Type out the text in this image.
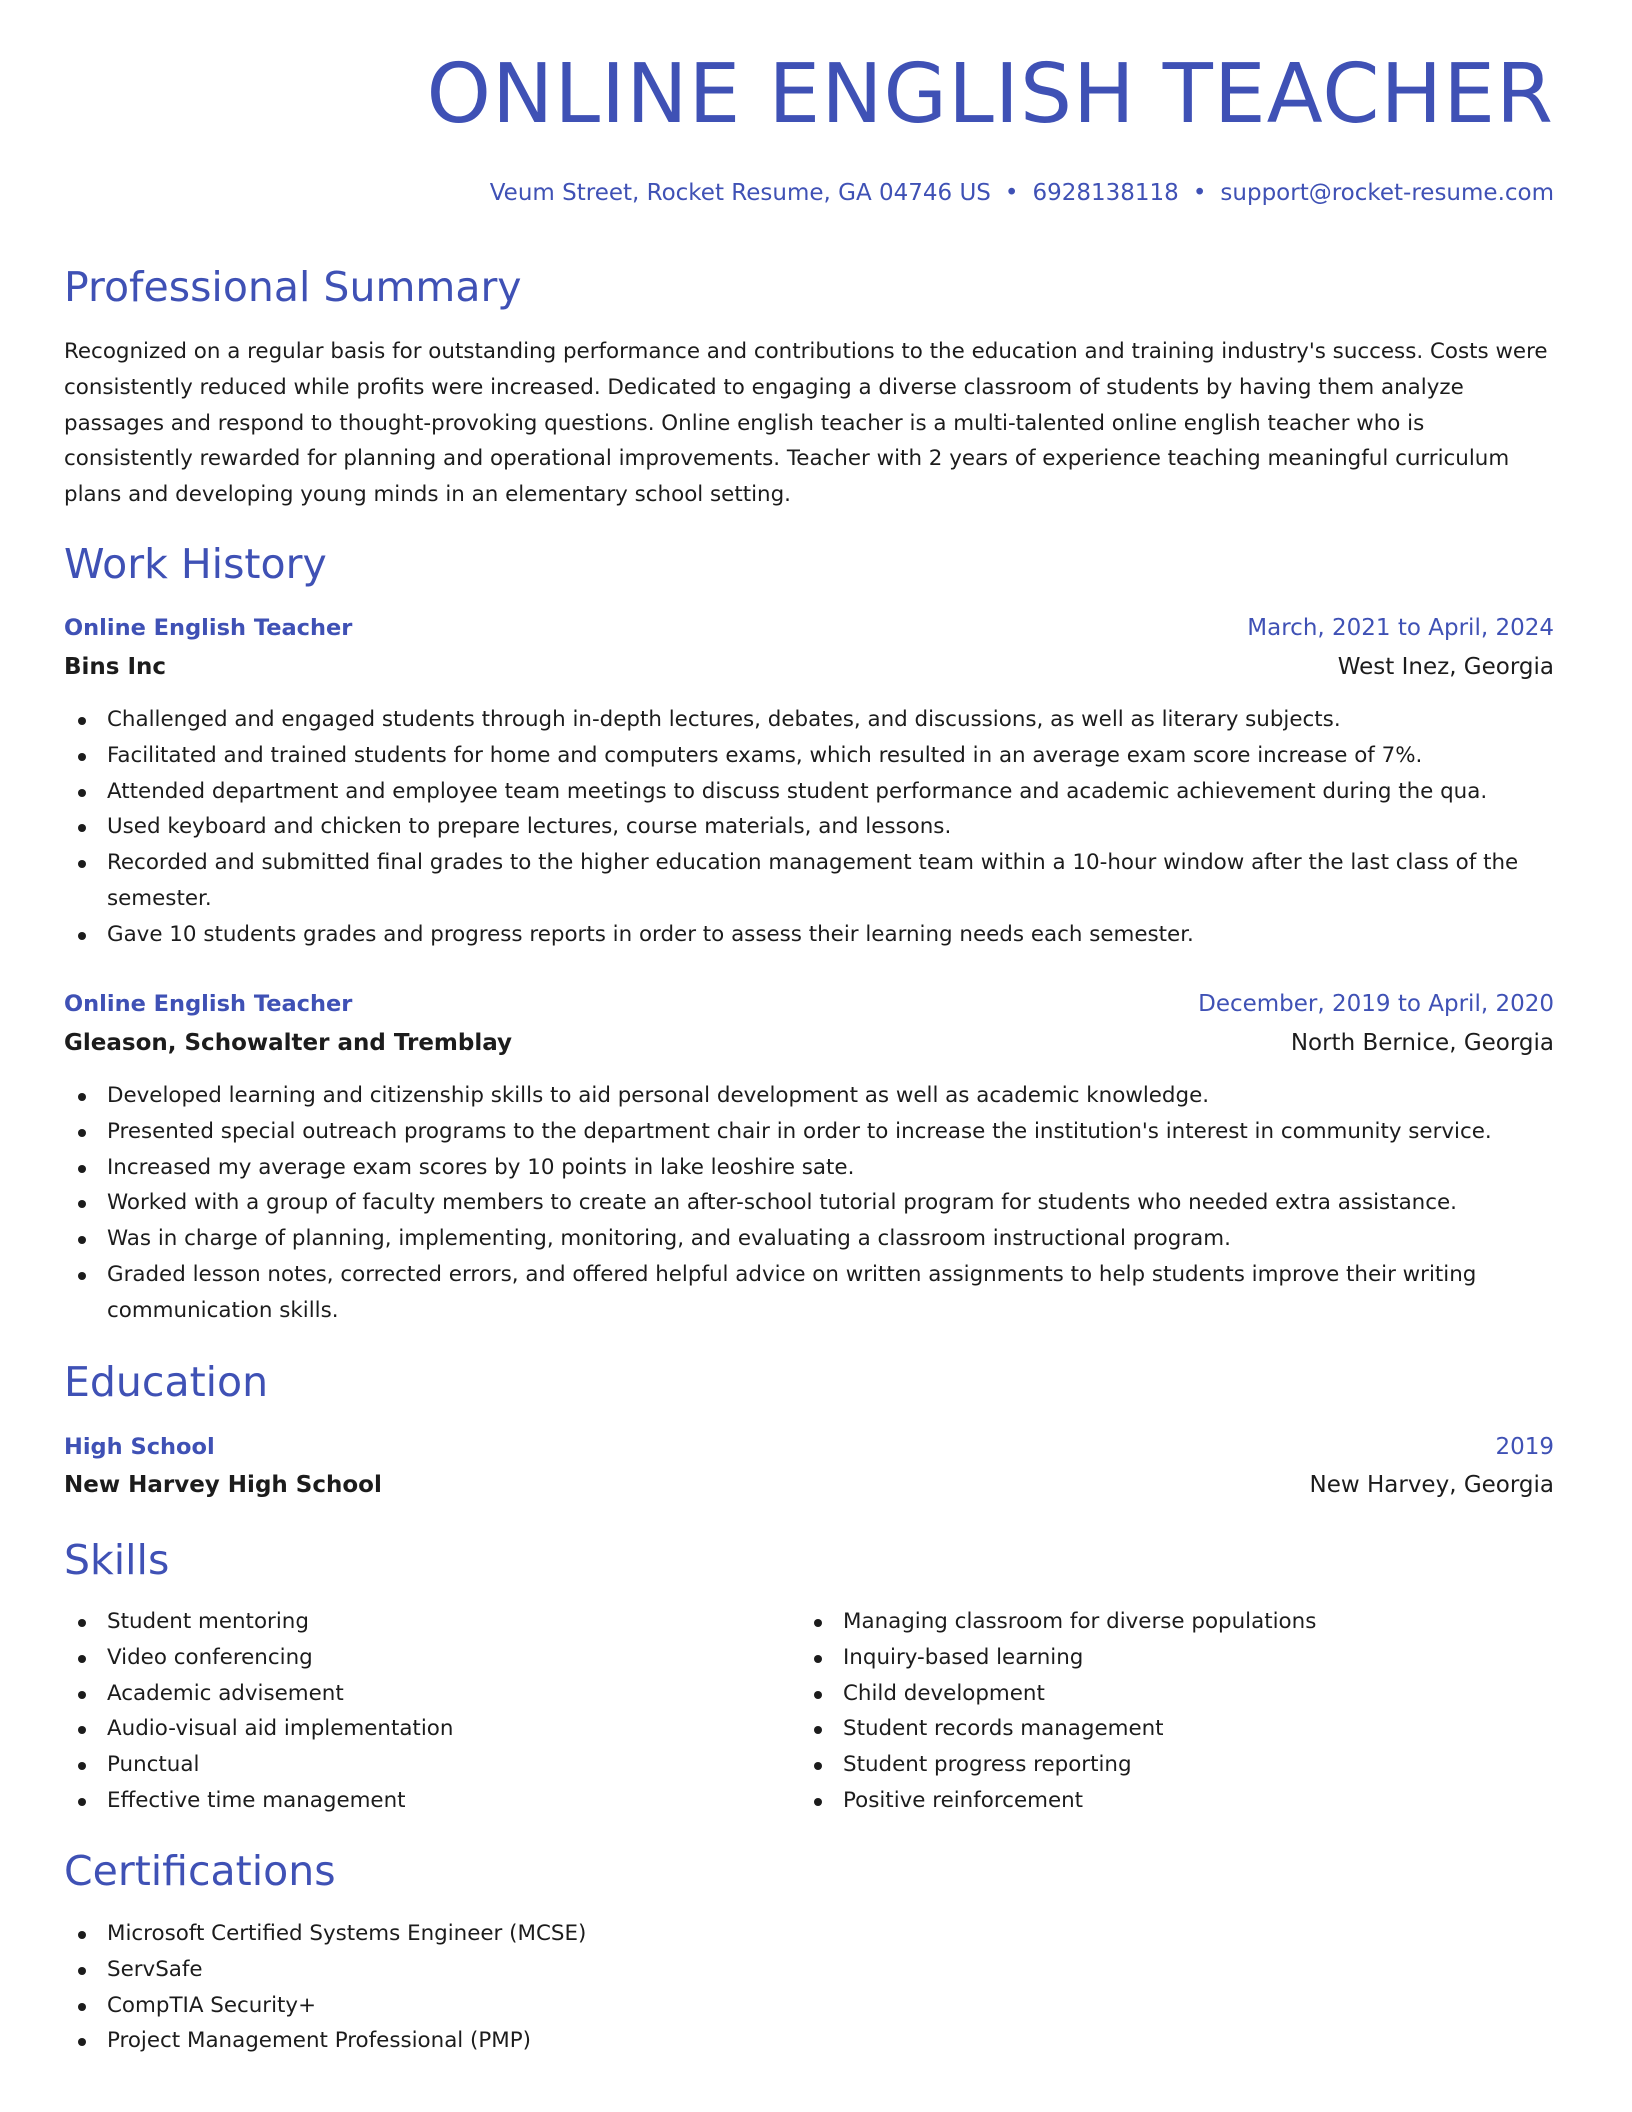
ONLINE ENGLISH TEACHER
Veum Street, Rocket Resume, GA 04746 US • 6928138118 • support@rocket-resume.com
Professional Summary

Recognized on a regular basis for outstanding performance and contributions to the education and training industry's success. Costs were consistently reduced while profits were increased. Dedicated to engaging a diverse classroom of students by having them analyze passages and respond to thought-provoking questions. Online english teacher is a multi-talented online english teacher who is consistently rewarded for planning and operational improvements. Teacher with 2 years of experience teaching meaningful curriculum plans and developing young minds in an elementary school setting.

Work History
Online English Teacher	March, 2021 to April, 2024
Bins Inc	West Inez, Georgia
Challenged and engaged students through in-depth lectures, debates, and discussions, as well as literary subjects.
Facilitated and trained students for home and computers exams, which resulted in an average exam score increase of 7%.
Attended department and employee team meetings to discuss student performance and academic achievement during the qua.
Used keyboard and chicken to prepare lectures, course materials, and lessons.
Recorded and submitted final grades to the higher education management team within a 10-hour window after the last class of the semester.
Gave 10 students grades and progress reports in order to assess their learning needs each semester.
Online English Teacher	December, 2019 to April, 2020
Gleason, Schowalter and Tremblay	North Bernice, Georgia
Developed learning and citizenship skills to aid personal development as well as academic knowledge.
Presented special outreach programs to the department chair in order to increase the institution's interest in community service.
Increased my average exam scores by 10 points in lake leoshire sate.
Worked with a group of faculty members to create an after-school tutorial program for students who needed extra assistance.
Was in charge of planning, implementing, monitoring, and evaluating a classroom instructional program.
Graded lesson notes, corrected errors, and offered helpful advice on written assignments to help students improve their writing communication skills.
Education
High School	2019
New Harvey High School	New Harvey, Georgia
Skills
Student mentoring
Video conferencing
Academic advisement
Audio-visual aid implementation
Punctual
Effective time management
Managing classroom for diverse populations
Inquiry-based learning
Child development
Student records management
Student progress reporting
Positive reinforcement
Certifications
Microsoft Certified Systems Engineer (MCSE)
ServSafe
CompTIA Security+
Project Management Professional (PMP)
